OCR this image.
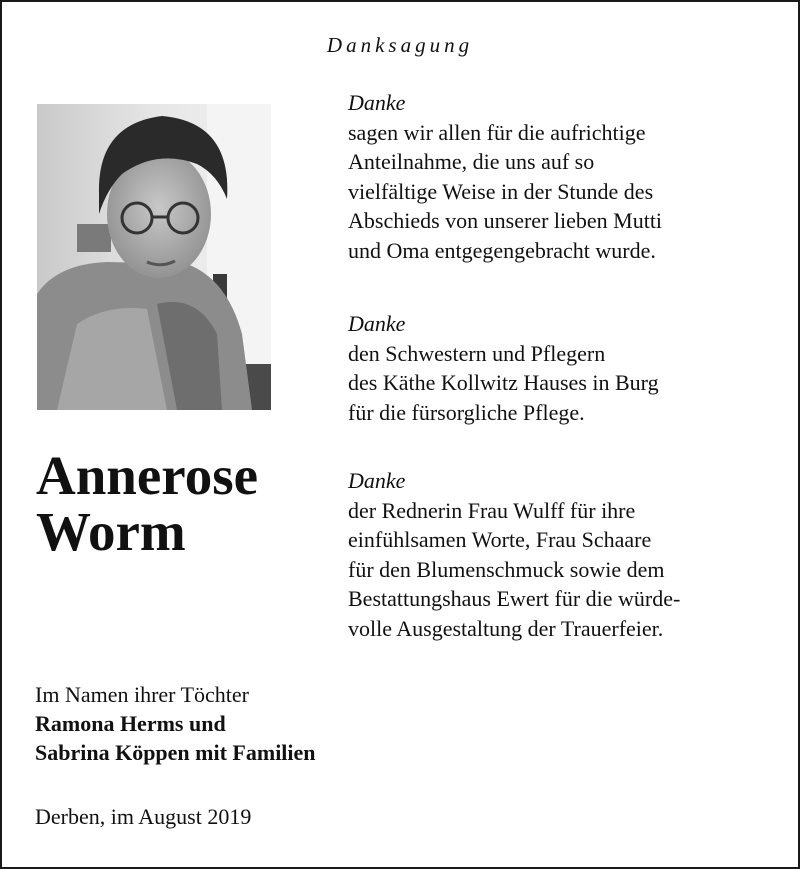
Danksagung
Annerose
Worm
Danke
sagen wir allen für die aufrichtige
Anteilnahme, die uns auf so
vielfältige Weise in der Stunde des
Abschieds von unserer lieben Mutti
und Oma entgegengebracht wurde.
Danke
den Schwestern und Pflegern
des Käthe Kollwitz Hauses in Burg
für die fürsorgliche Pflege.
Danke
der Rednerin Frau Wulff für ihre
einfühlsamen Worte, Frau Schaare
für den Blumenschmuck sowie dem
Bestattungshaus Ewert für die würde-
volle Ausgestaltung der Trauerfeier.
Im Namen ihrer Töchter
Ramona Herms und
Sabrina Köppen mit Familien
Derben, im August 2019
